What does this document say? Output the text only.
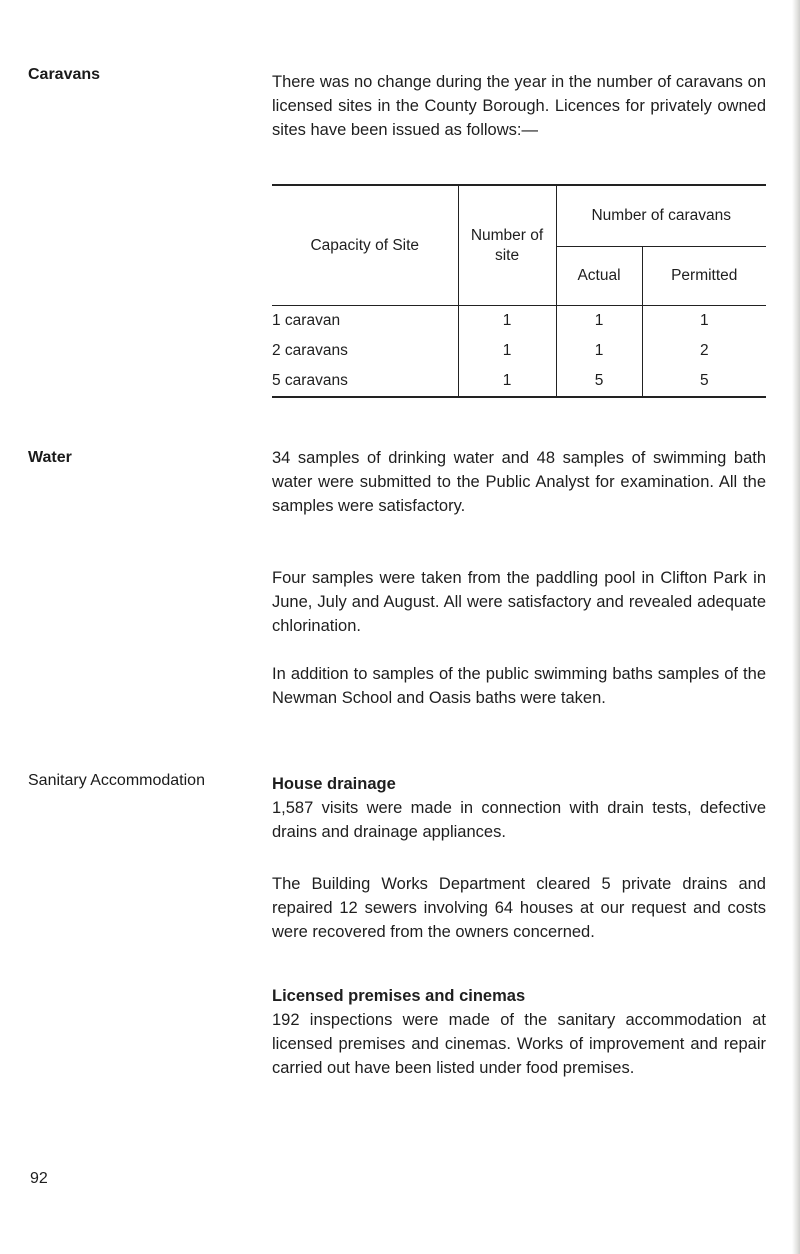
Caravans	There was no change during the year in the number of caravans on licensed sites in the County Borough. Licences for privately owned sites have been issued as follows:—
Capacity of Site	Number of site	Number of caravans	
		Actual	Permitted
1 caravan	1	1	1
2 caravans	1	1	2
5 caravans	1	5	5
Water	34 samples of drinking water and 48 samples of swimming bath water were submitted to the Public Analyst for examination. All the samples were satisfactory.
Four samples were taken from the paddling pool in Clifton Park in June, July and August. All were satisfactory and revealed adequate chlorination.
In addition to samples of the public swimming baths samples of the Newman School and Oasis baths were taken.
Sanitary Accommodation	House drainage
1,587 visits were made in connection with drain tests, defective drains and drainage appliances.
The Building Works Department cleared 5 private drains and repaired 12 sewers involving 64 houses at our request and costs were recovered from the owners concerned.
Licensed premises and cinemas
192 inspections were made of the sanitary accommodation at licensed premises and cinemas. Works of improvement and repair carried out have been listed under food premises.
92
